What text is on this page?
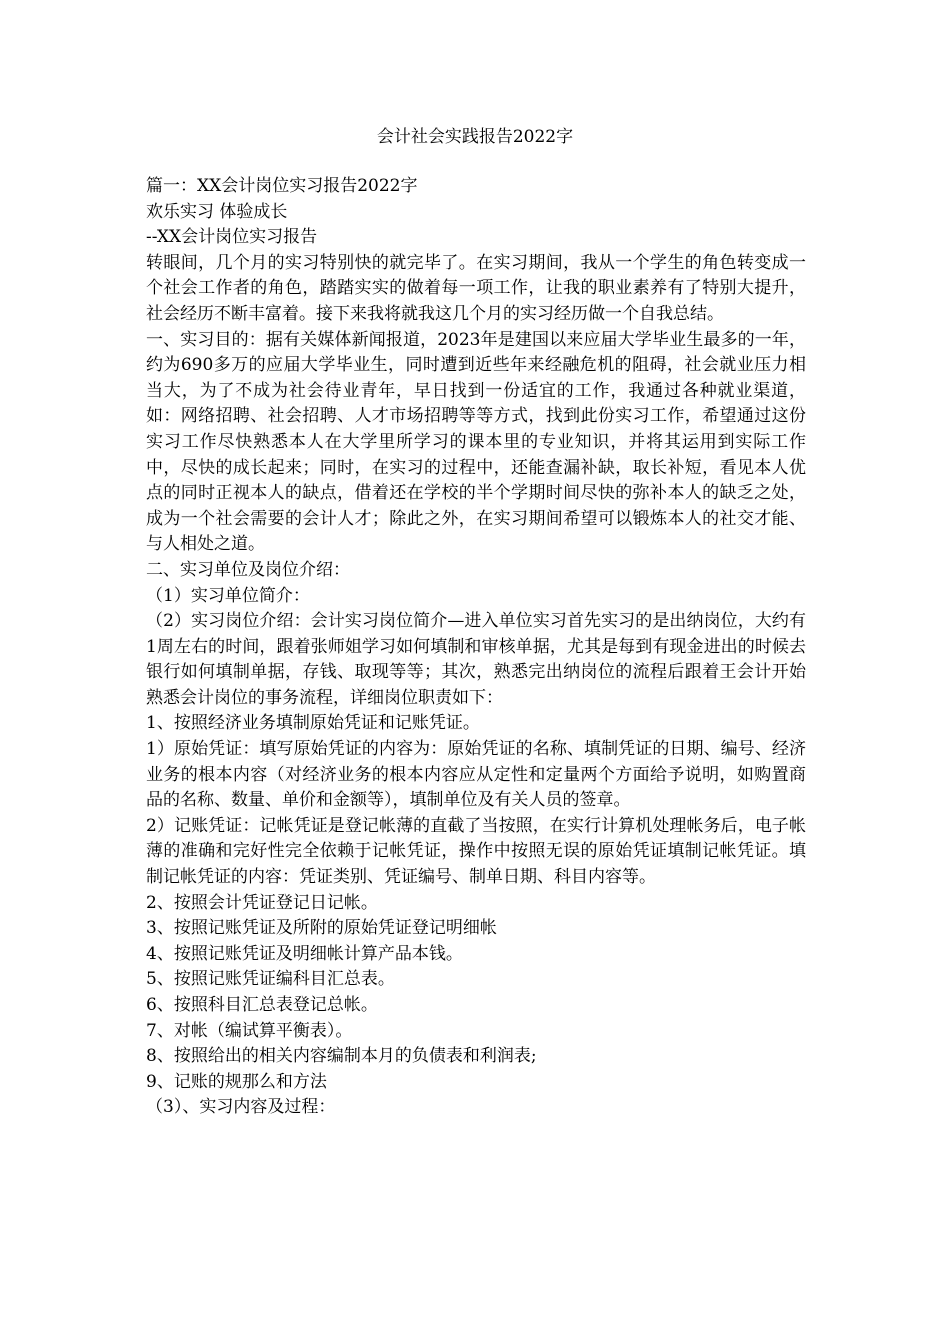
会计社会实践报告2022字

篇一：XX会计岗位实习报告2022字

欢乐实习 体验成长

--XX会计岗位实习报告

转眼间，几个月的实习特别快的就完毕了。在实习期间，我从一个学生的角色转变成一个社会工作者的角色，踏踏实实的做着每一项工作，让我的职业素养有了特别大提升，社会经历不断丰富着。接下来我将就我这几个月的实习经历做一个自我总结。

一、实习目的：据有关媒体新闻报道，2023年是建国以来应届大学毕业生最多的一年，约为690多万的应届大学毕业生，同时遭到近些年来经融危机的阻碍，社会就业压力相当大，为了不成为社会待业青年，早日找到一份适宜的工作，我通过各种就业渠道，如：网络招聘、社会招聘、人才市场招聘等等方式，找到此份实习工作，希望通过这份实习工作尽快熟悉本人在大学里所学习的课本里的专业知识，并将其运用到实际工作中，尽快的成长起来；同时，在实习的过程中，还能查漏补缺，取长补短，看见本人优点的同时正视本人的缺点，借着还在学校的半个学期时间尽快的弥补本人的缺乏之处，成为一个社会需要的会计人才；除此之外，在实习期间希望可以锻炼本人的社交才能、与人相处之道。

二、实习单位及岗位介绍：

（1）实习单位简介：

（2）实习岗位介绍：会计实习岗位简介—进入单位实习首先实习的是出纳岗位，大约有1周左右的时间，跟着张师姐学习如何填制和审核单据，尤其是每到有现金进出的时候去银行如何填制单据，存钱、取现等等；其次，熟悉完出纳岗位的流程后跟着王会计开始熟悉会计岗位的事务流程，详细岗位职责如下：

1、按照经济业务填制原始凭证和记账凭证。

1）原始凭证：填写原始凭证的内容为：原始凭证的名称、填制凭证的日期、编号、经济业务的根本内容（对经济业务的根本内容应从定性和定量两个方面给予说明，如购置商品的名称、数量、单价和金额等），填制单位及有关人员的签章。

2）记账凭证：记帐凭证是登记帐薄的直截了当按照，在实行计算机处理帐务后，电子帐薄的准确和完好性完全依赖于记帐凭证，操作中按照无误的原始凭证填制记帐凭证。填制记帐凭证的内容：凭证类别、凭证编号、制单日期、科目内容等。

2、按照会计凭证登记日记帐。

3、按照记账凭证及所附的原始凭证登记明细帐

4、按照记账凭证及明细帐计算产品本钱。

5、按照记账凭证编科目汇总表。

6、按照科目汇总表登记总帐。

7、对帐（编试算平衡表）。

8、按照给出的相关内容编制本月的负债表和利润表;

9、记账的规那么和方法

（3）、实习内容及过程：
